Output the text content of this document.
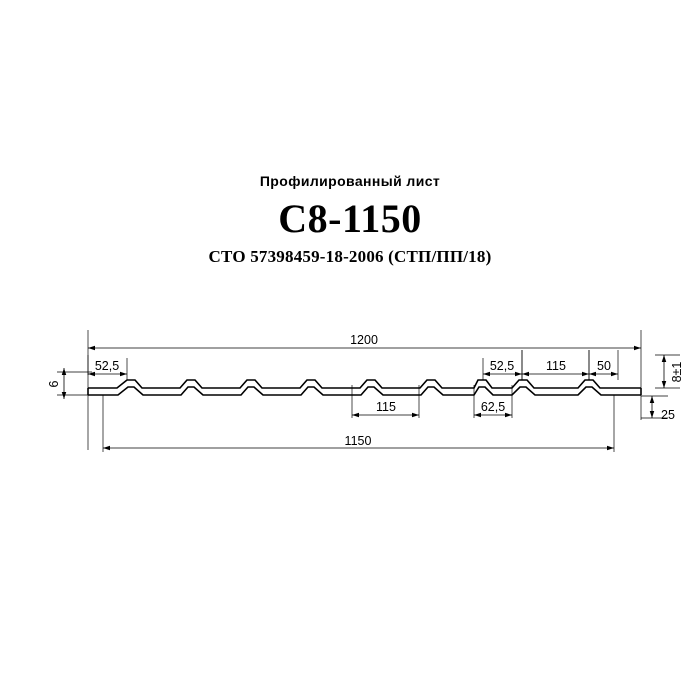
Профилированный лист
С8-1150
СТО 57398459-18-2006 (СТП/ПП/18)
1200
1150
52,5	52,5	115 50
115	62,5
25
6
8±1
